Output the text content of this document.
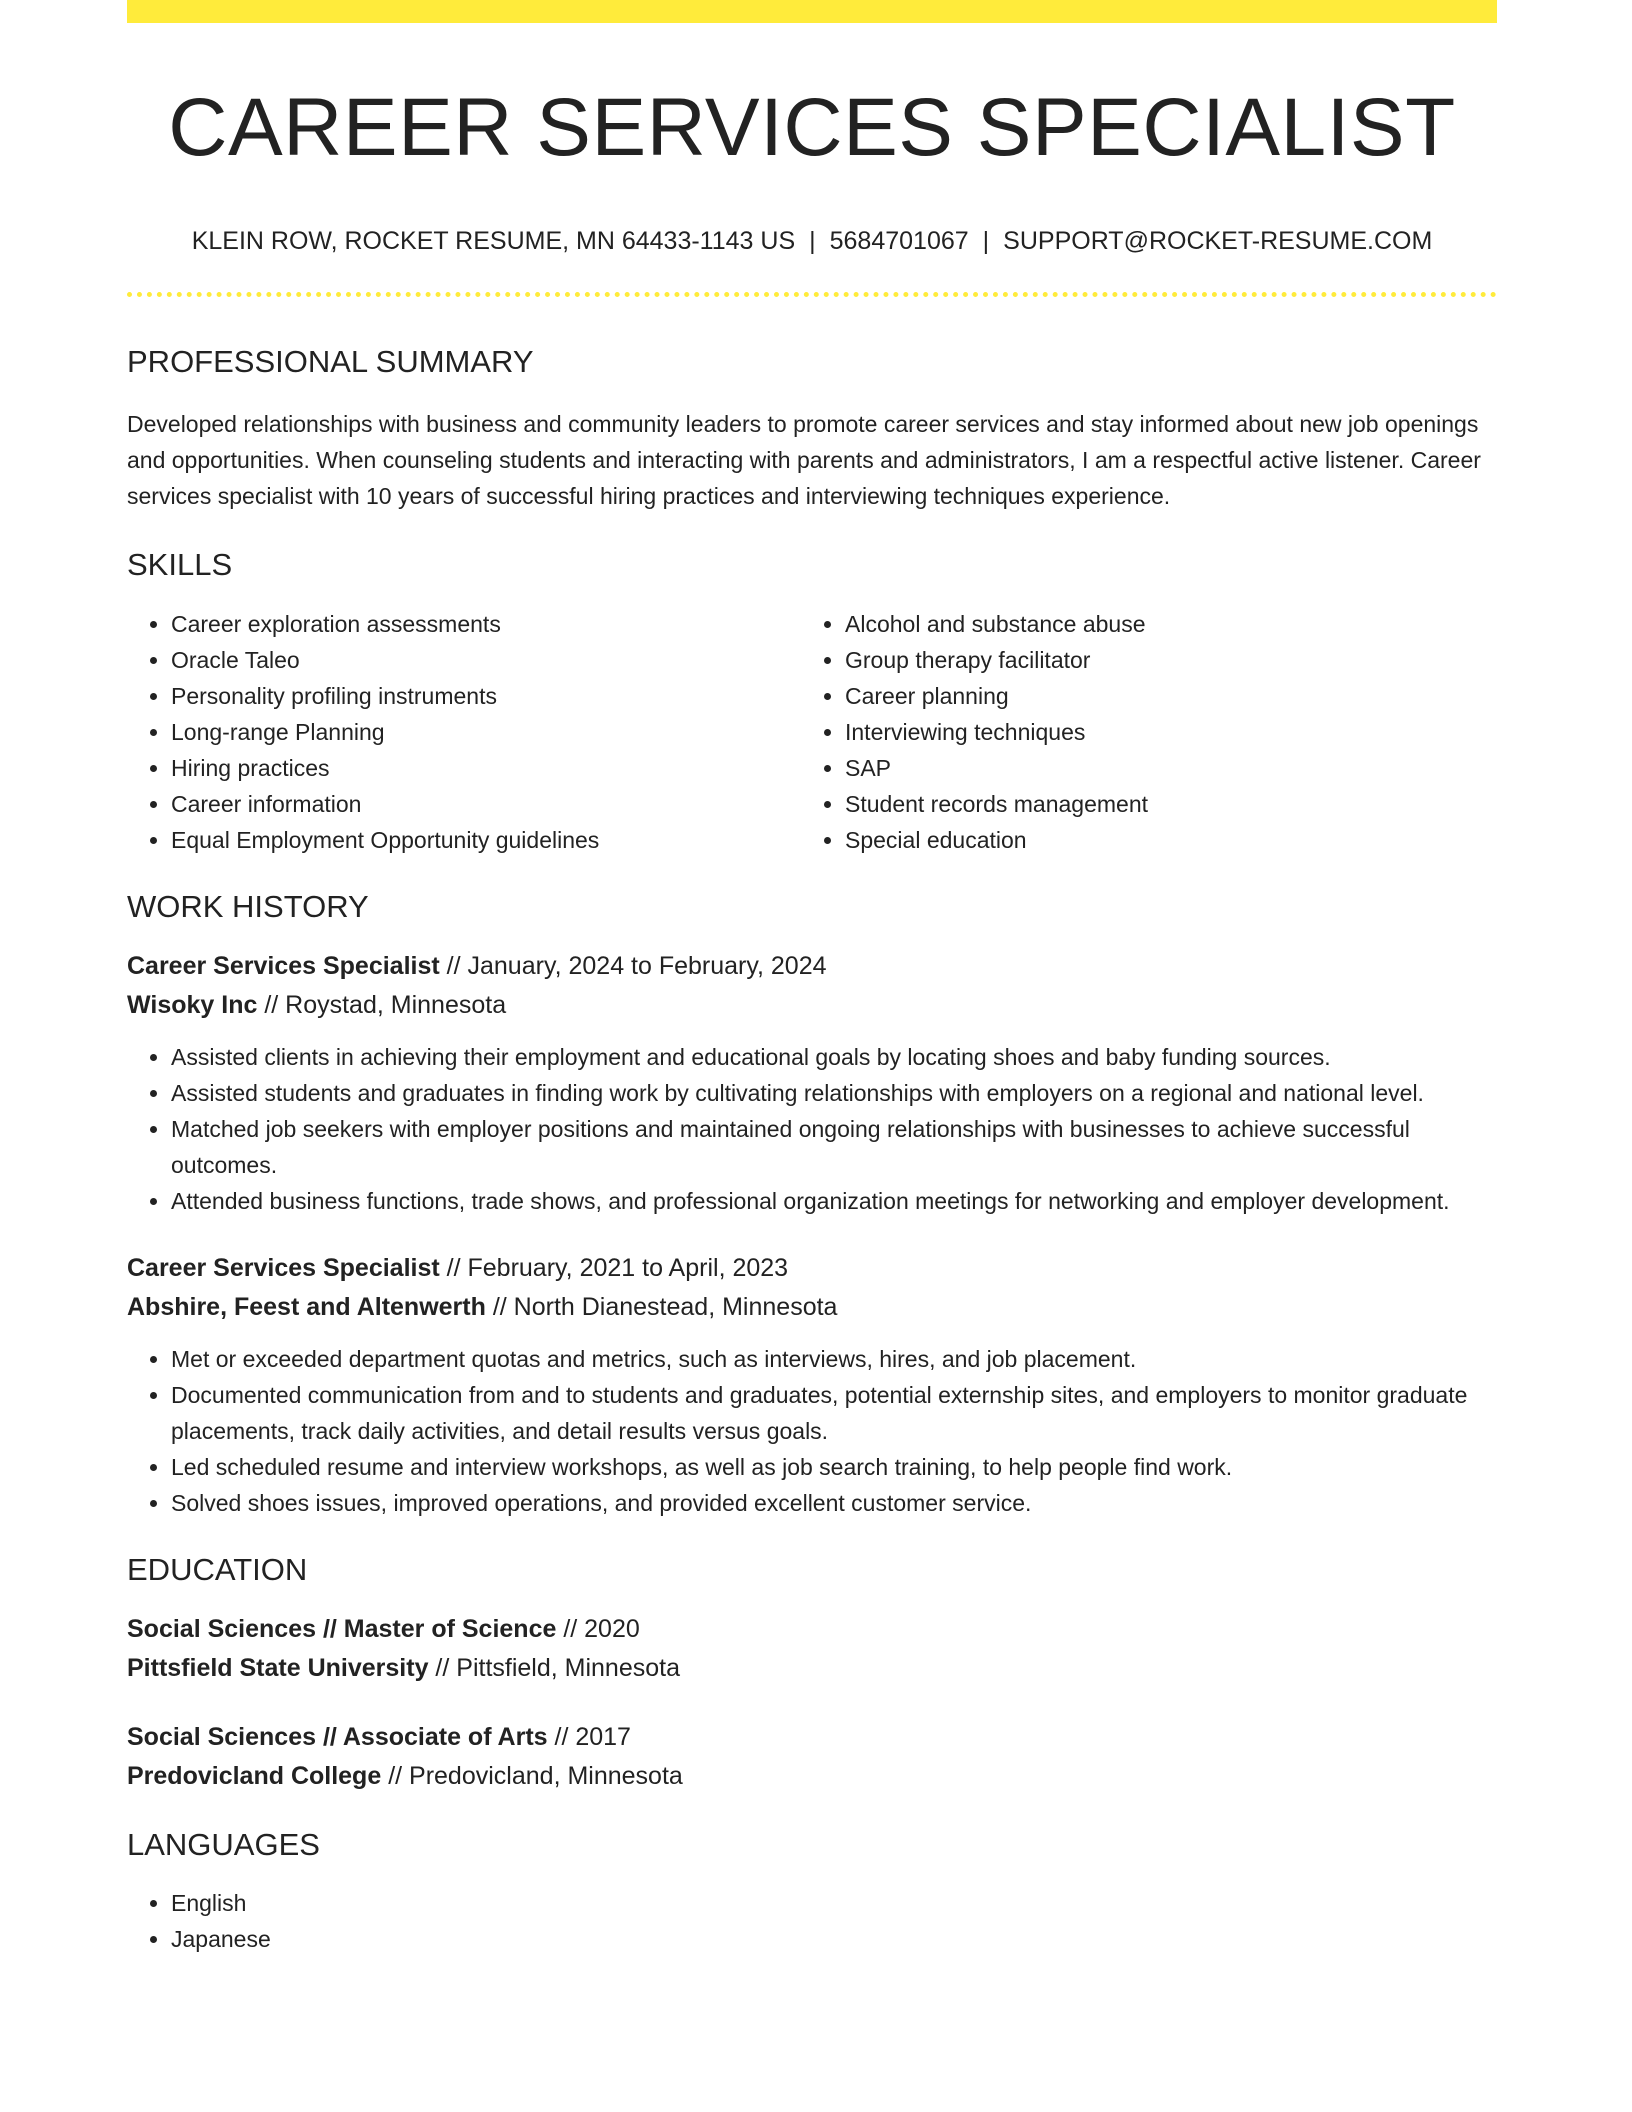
CAREER SERVICES SPECIALIST
KLEIN ROW, ROCKET RESUME, MN 64433-1143 US | 5684701067 | SUPPORT@ROCKET-RESUME.COM
PROFESSIONAL SUMMARY

Developed relationships with business and community leaders to promote career services and stay informed about new job openings and opportunities. When counseling students and interacting with parents and administrators, I am a respectful active listener. Career services specialist with 10 years of successful hiring practices and interviewing techniques experience.

SKILLS
• Career exploration assessments
• Oracle Taleo
• Personality profiling instruments
• Long-range Planning
• Hiring practices
• Career information
• Equal Employment Opportunity guidelines
• Alcohol and substance abuse
• Group therapy facilitator
• Career planning
• Interviewing techniques
• SAP
• Student records management
• Special education
WORK HISTORY
Career Services Specialist // January, 2024 to February, 2024
Wisoky Inc // Roystad, Minnesota
• Assisted clients in achieving their employment and educational goals by locating shoes and baby funding sources.
• Assisted students and graduates in finding work by cultivating relationships with employers on a regional and national level.
• Matched job seekers with employer positions and maintained ongoing relationships with businesses to achieve successful outcomes.
• Attended business functions, trade shows, and professional organization meetings for networking and employer development.
Career Services Specialist // February, 2021 to April, 2023
Abshire, Feest and Altenwerth // North Dianestead, Minnesota
• Met or exceeded department quotas and metrics, such as interviews, hires, and job placement.
• Documented communication from and to students and graduates, potential externship sites, and employers to monitor graduate placements, track daily activities, and detail results versus goals.
• Led scheduled resume and interview workshops, as well as job search training, to help people find work.
• Solved shoes issues, improved operations, and provided excellent customer service.
EDUCATION
Social Sciences // Master of Science // 2020
Pittsfield State University // Pittsfield, Minnesota
Social Sciences // Associate of Arts // 2017
Predovicland College // Predovicland, Minnesota
LANGUAGES
• English
• Japanese
